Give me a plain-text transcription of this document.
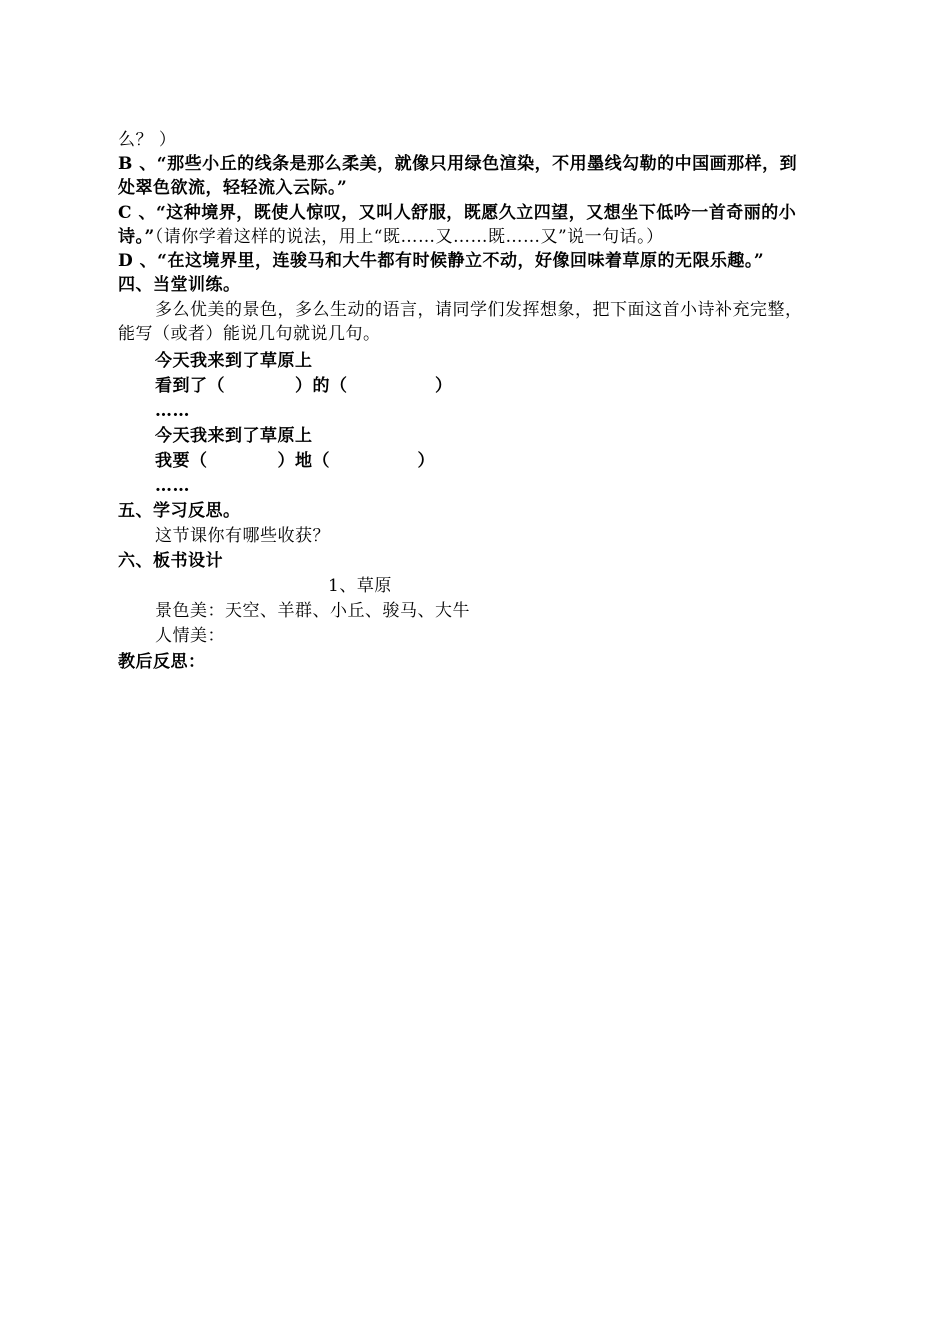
么？ ）
B 、“那些小丘的线条是那么柔美，就像只用绿色渲染，不用墨线勾勒的中国画那样，到
处翠色欲流，轻轻流入云际。”
C 、“这种境界，既使人惊叹，又叫人舒服，既愿久立四望，又想坐下低吟一首奇丽的小
诗。”（请你学着这样的说法，用上“既……又……既……又”说一句话。）
D 、“在这境界里，连骏马和大牛都有时候静立不动，好像回味着草原的无限乐趣。”
四、当堂训练。
多么优美的景色，多么生动的语言，请同学们发挥想象，把下面这首小诗补充完整，
能写（或者）能说几句就说几句。
今天我来到了草原上
看到了（　　　　）的（　　　　　）
……
今天我来到了草原上
我要（　　　　）地（　　　　　）
……
五、学习反思。
这节课你有哪些收获？
六、板书设计
1、草原
景色美：天空、羊群、小丘、骏马、大牛
人情美：
教后反思：
